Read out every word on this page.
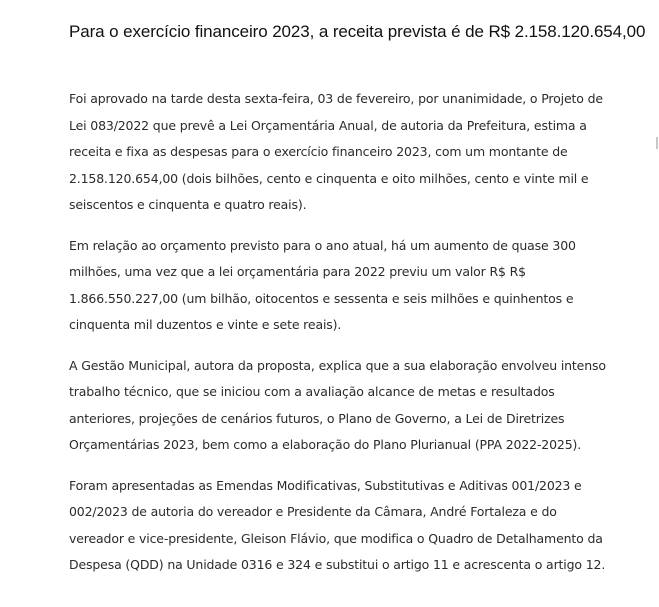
Para o exercício financeiro 2023, a receita prevista é de R$ 2.158.120.654,00

Foi aprovado na tarde desta sexta-feira, 03 de fevereiro, por unanimidade, o Projeto de
Lei 083/2022 que prevê a Lei Orçamentária Anual, de autoria da Prefeitura, estima a
receita e fixa as despesas para o exercício financeiro 2023, com um montante de
2.158.120.654,00 (dois bilhões, cento e cinquenta e oito milhões, cento e vinte mil e
seiscentos e cinquenta e quatro reais).

Em relação ao orçamento previsto para o ano atual, há um aumento de quase 300
milhões, uma vez que a lei orçamentária para 2022 previu um valor R$ R$
1.866.550.227,00 (um bilhão, oitocentos e sessenta e seis milhões e quinhentos e
cinquenta mil duzentos e vinte e sete reais).

A Gestão Municipal, autora da proposta, explica que a sua elaboração envolveu intenso
trabalho técnico, que se iniciou com a avaliação alcance de metas e resultados
anteriores, projeções de cenários futuros, o Plano de Governo, a Lei de Diretrizes
Orçamentárias 2023, bem como a elaboração do Plano Plurianual (PPA 2022-2025).

Foram apresentadas as Emendas Modificativas, Substitutivas e Aditivas 001/2023 e
002/2023 de autoria do vereador e Presidente da Câmara, André Fortaleza e do
vereador e vice-presidente, Gleison Flávio, que modifica o Quadro de Detalhamento da
Despesa (QDD) na Unidade 0316 e 324 e substitui o artigo 11 e acrescenta o artigo 12.
